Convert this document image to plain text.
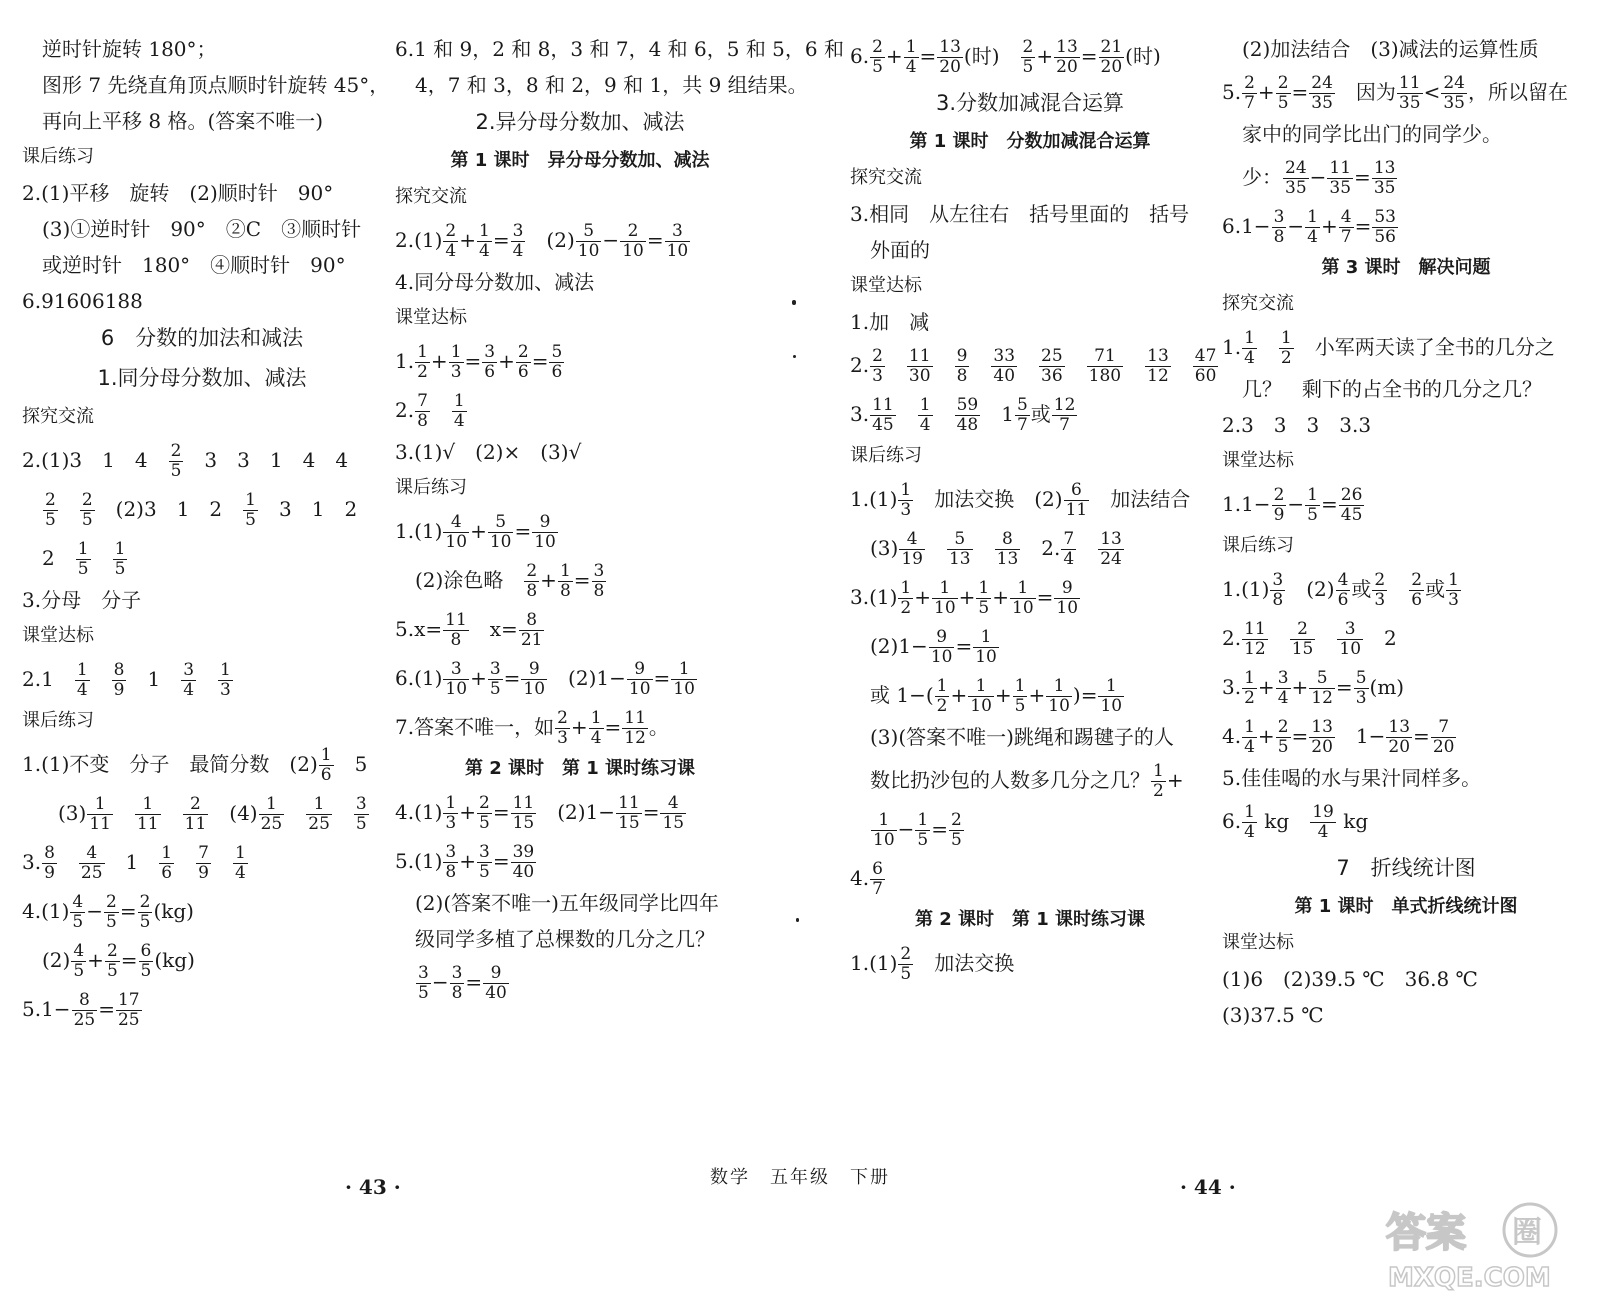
逆时针旋转 180°；
图形 7 先绕直角顶点顺时针旋转 45°，
再向上平移 8 格。(答案不唯一)
课后练习
2.(1)平移　旋转　(2)顺时针　90°
(3)①逆时针　90°　②C　③顺时针
或逆时针　180°　④顺时针　90°
6.91606188
6　分数的加法和减法
1.同分母分数加、减法
探究交流
2.(1)3　1　4　 $\frac{2}{5}$ 　3　3　1　4　4
$\frac{2}{5}$
　 $\frac{2}{5}$ 　(2)3　1　2　 $\frac{1}{5}$ 　3　1　2
2　 $\frac{1}{5}$
　 $\frac{1}{5}$
3.分母　分子
课堂达标
2.1　 $\frac{1}{4}$
　 $\frac{8}{9}$ 　1　 $\frac{3}{4}$
　 $\frac{1}{3}$
课后练习
1.(1)不变　分子　最简分数　$(2) \frac{1}{6}$ 　5
$(3) \frac{1}{11}$
　 $\frac{1}{11}$
　 $\frac{2}{11}$ 　$(4) \frac{1}{25}$
　 $\frac{1}{25}$
　 $\frac{3}{5}$
3. $\frac{8}{9}$
　 $\frac{4}{25}$ 　1　 $\frac{1}{6}$
　 $\frac{7}{9}$
　 $\frac{1}{4}$
$4.(1) \frac{4}{5} - \frac{2}{5} = \frac{2}{5} (kg)$
$(2) \frac{4}{5} + \frac{2}{5} = \frac{6}{5} (kg)$
$5.1- \frac{8}{25} = \frac{17}{25}$
6.1 和 9，2 和 8，3 和 7，4 和 6，5 和 5，6 和
4，7 和 3，8 和 2，9 和 1，共 9 组结果。
2.异分母分数加、减法
第 1 课时　异分母分数加、减法
探究交流
$2.(1) \frac{2}{4} + \frac{1}{4} = \frac{3}{4}$ 　$(2) \frac{5}{10} - \frac{2}{10} = \frac{3}{10}$
4.同分母分数加、减法
课堂达标
1. $\frac{1}{2} + \frac{1}{3} = \frac{3}{6} + \frac{2}{6} = \frac{5}{6}$
2. $\frac{7}{8}$
　 $\frac{1}{4}$
3.(1)√　(2)×　(3)√
课后练习
$1.(1) \frac{4}{10} + \frac{5}{10} = \frac{9}{10}$
(2)涂色略　 $\frac{2}{8} + \frac{1}{8} = \frac{3}{8}$
$5.x= \frac{11}{8}$ 　$x= \frac{8}{21}$
$6.(1) \frac{3}{10} + \frac{3}{5} = \frac{9}{10}$ 　$(2)1- \frac{9}{10} = \frac{1}{10}$
7.答案不唯一，如 $\frac{2}{3} + \frac{1}{4} = \frac{11}{12}$ 。
第 2 课时　第 1 课时练习课
$4.(1) \frac{1}{3} + \frac{2}{5} = \frac{11}{15}$ 　$(2)1- \frac{11}{15} = \frac{4}{15}$
$5.(1) \frac{3}{8} + \frac{3}{5} = \frac{39}{40}$
(2)(答案不唯一)五年级同学比四年
级同学多植了总棵数的几分之几？
$\frac{3}{5} - \frac{3}{8} = \frac{9}{40}$
6. $\frac{2}{5} + \frac{1}{4} = \frac{13}{20}$ (时)　 $\frac{2}{5} + \frac{13}{20} = \frac{21}{20}$ (时)
3.分数加减混合运算
第 1 课时　分数加减混合运算
探究交流
3.相同　从左往右　括号里面的　括号
外面的
课堂达标
1.加　减
2. $\frac{2}{3}$
　 $\frac{11}{30}$
　 $\frac{9}{8}$
　 $\frac{33}{40}$
　 $\frac{25}{36}$
　 $\frac{71}{180}$
　 $\frac{13}{12}$
　 $\frac{47}{60}$
3. $\frac{11}{45}$
　 $\frac{1}{4}$
　 $\frac{59}{48}$ 　$1 \frac{5}{7}$ 或 $\frac{12}{7}$
课后练习
$1.(1) \frac{1}{3}$ 　加法交换　$(2) \frac{6}{11}$ 　加法结合
$(3) \frac{4}{19}$
　 $\frac{5}{13}$
　 $\frac{8}{13}$ 　2. $\frac{7}{4}$
　 $\frac{13}{24}$
$3.(1) \frac{1}{2} + \frac{1}{10} + \frac{1}{5} + \frac{1}{10} = \frac{9}{10}$
$(2)1- \frac{9}{10} = \frac{1}{10}$
或 $1-( \frac{1}{2} + \frac{1}{10} + \frac{1}{5} + \frac{1}{10}$ )= $\frac{1}{10}$
(3)(答案不唯一)跳绳和踢毽子的人
数比扔沙包的人数多几分之几？ $\frac{1}{2}$ +
$\frac{1}{10} - \frac{1}{5} = \frac{2}{5}$
4. $\frac{6}{7}$
第 2 课时　第 1 课时练习课
$1.(1) \frac{2}{5}$ 　加法交换
(2)加法结合　(3)减法的运算性质
5. $\frac{2}{7} + \frac{2}{5} = \frac{24}{35}$ 　因为 $\frac{11}{35} < \frac{24}{35}$ ，所以留在
家中的同学比出门的同学少。
少： $\frac{24}{35} - \frac{11}{35} = \frac{13}{35}$
$6.1- \frac{3}{8} - \frac{1}{4} + \frac{4}{7} = \frac{53}{56}$
第 3 课时　解决问题
探究交流
1. $\frac{1}{4}$
　 $\frac{1}{2}$ 　小军两天读了全书的几分之
几？　剩下的占全书的几分之几？
2.3　3　3　3.3
课堂达标
$1.1- \frac{2}{9} - \frac{1}{5} = \frac{26}{45}$
课后练习
$1.(1) \frac{3}{8}$ 　$(2) \frac{4}{6}$ 或 $\frac{2}{3}$
　 $\frac{2}{6}$ 或 $\frac{1}{3}$
2. $\frac{11}{12}$
　 $\frac{2}{15}$
　 $\frac{3}{10}$ 　2
3. $\frac{1}{2} + \frac{3}{4} + \frac{5}{12} = \frac{5}{3} (m)$
4. $\frac{1}{4} + \frac{2}{5} = \frac{13}{20}$ 　$1- \frac{13}{20} = \frac{7}{20}$
5.佳佳喝的水与果汁同样多。
6. $\frac{1}{4}$ kg　 $\frac{19}{4}$ kg
7　折线统计图
第 1 课时　单式折线统计图
课堂达标
(1)6　(2)39.5 ℃　36.8 ℃
(3)37.5 ℃
· 43 ·	数学　五年级　下册	· 44 ·
答案 圈
MXQE.COM
